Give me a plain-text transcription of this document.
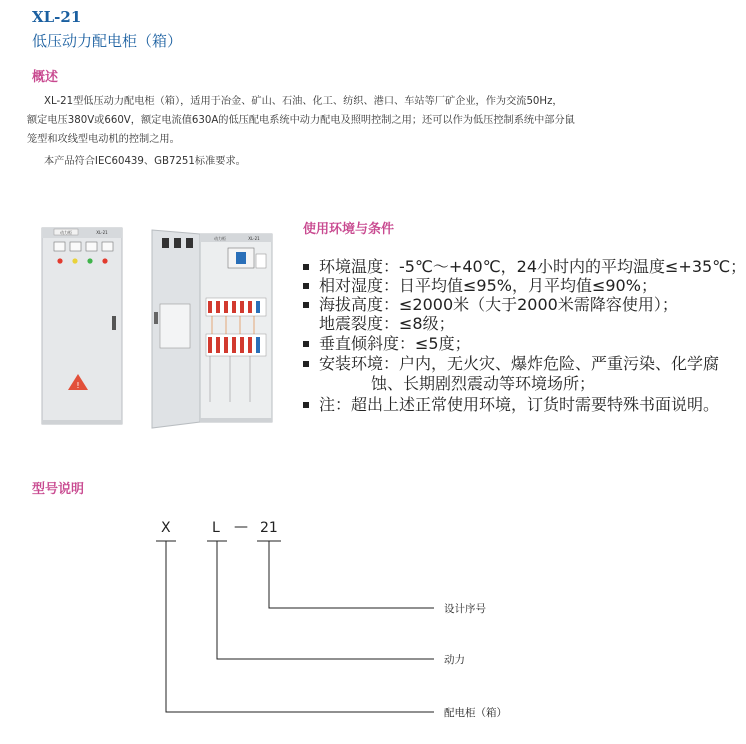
XL-21
低压动力配电柜（箱）
概述
XL-21型低压动力配电柜（箱），适用于冶金、矿山、石油、化工、纺织、港口、车站等厂矿企业，作为交流50Hz，
额定电压380V或660V，额定电流值630A的低压配电系统中动力配电及照明控制之用；还可以作为低压控制系统中部分鼠
笼型和攻线型电动机的控制之用。
本产品符合IEC60439、GB7251标准要求。
动力柜	XL-21
!
动力柜	XL-21
使用环境与条件
环境温度：-5℃～+40℃，24小时内的平均温度≤+35℃；
相对湿度：日平均值≤95%，月平均值≤90%；
海拔高度：≤2000米（大于2000米需降容使用）；
地震裂度：≤8级；
垂直倾斜度：≤5度；
安装环境：户内，无火灾、爆炸危险、严重污染、化学腐
蚀、长期剧烈震动等环境场所；
注：超出上述正常使用环境，订货时需要特殊书面说明。
型号说明
X	L — 21
设计序号
动力
配电柜（箱）
